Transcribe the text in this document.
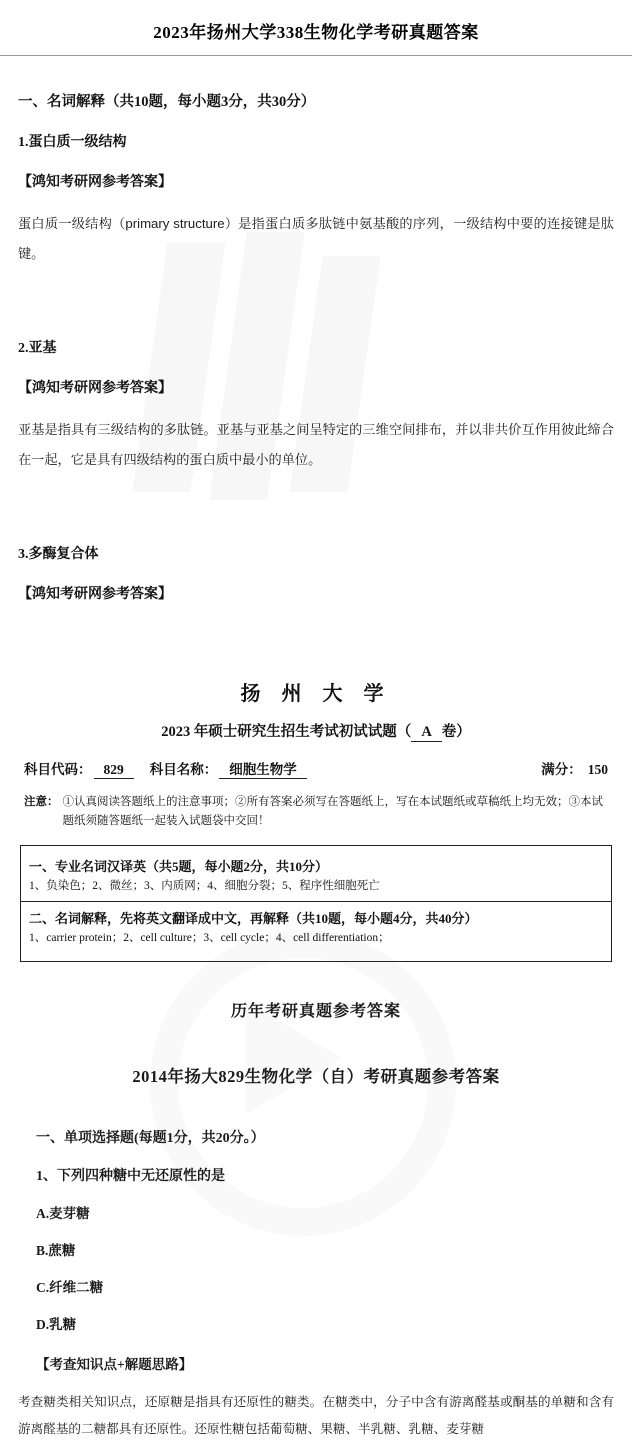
2023年扬州大学338生物化学考研真题答案
一、名词解释（共10题，每小题3分，共30分）
1.蛋白质一级结构
【鸿知考研网参考答案】
蛋白质一级结构（primary structure）是指蛋白质多肽链中氨基酸的序列，一级结构中要的连接键是肽键。
2.亚基
【鸿知考研网参考答案】
亚基是指具有三级结构的多肽链。亚基与亚基之间呈特定的三维空间排布，并以非共价互作用彼此缔合在一起，它是具有四级结构的蛋白质中最小的单位。
3.多酶复合体
【鸿知考研网参考答案】
扬 州 大 学
2023 年硕士研究生招生考试初试试题（ A 卷）
科目代码： 829	科目名称： 细胞生物学	满分： 150
注意： ①认真阅读答题纸上的注意事项；②所有答案必须写在答题纸上，写在本试题纸或草稿纸上均无效；③本试题纸须随答题纸一起装入试题袋中交回！
一、专业名词汉译英（共5题，每小题2分，共10分）
1、负染色；2、微丝；3、内质网；4、细胞分裂；5、程序性细胞死亡
二、名词解释，先将英文翻译成中文，再解释（共10题，每小题4分，共40分）
1、carrier protein；2、cell culture；3、cell cycle；4、cell differentiation；
历年考研真题参考答案
2014年扬大829生物化学（自）考研真题参考答案
一、单项选择题(每题1分，共20分。）
1、下列四种糖中无还原性的是
A.麦芽糖
B.蔗糖
C.纤维二糖
D.乳糖
【考查知识点+解题思路】
考查糖类相关知识点，还原糖是指具有还原性的糖类。在糖类中，分子中含有游离醛基或酮基的单糖和含有游离醛基的二糖都具有还原性。还原性糖包括葡萄糖、果糖、半乳糖、乳糖、麦芽糖
